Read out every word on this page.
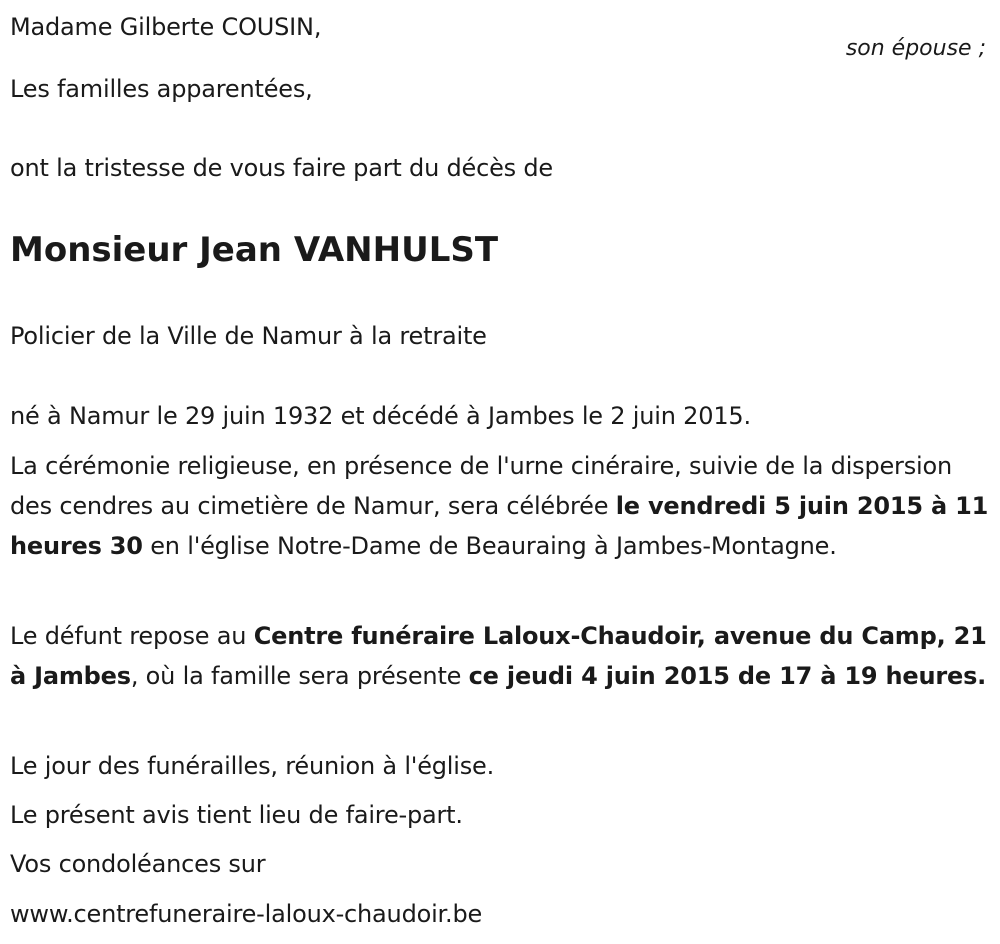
Madame Gilberte COUSIN,
son épouse ;
Les familles apparentées,
ont la tristesse de vous faire part du décès de
Monsieur Jean VANHULST
Policier de la Ville de Namur à la retraite
né à Namur le 29 juin 1932 et décédé à Jambes le 2 juin 2015.
La cérémonie religieuse, en présence de l'urne cinéraire, suivie de la dispersion des cendres au cimetière de Namur, sera célébrée le vendredi 5 juin 2015 à 11 heures 30 en l'église Notre-Dame de Beauraing à Jambes-Montagne.
Le défunt repose au Centre funéraire Laloux-Chaudoir, avenue du Camp, 21 à Jambes, où la famille sera présente ce jeudi 4 juin 2015 de 17 à 19 heures.
Le jour des funérailles, réunion à l'église.
Le présent avis tient lieu de faire-part.
Vos condoléances sur
www.centrefuneraire-laloux-chaudoir.be
